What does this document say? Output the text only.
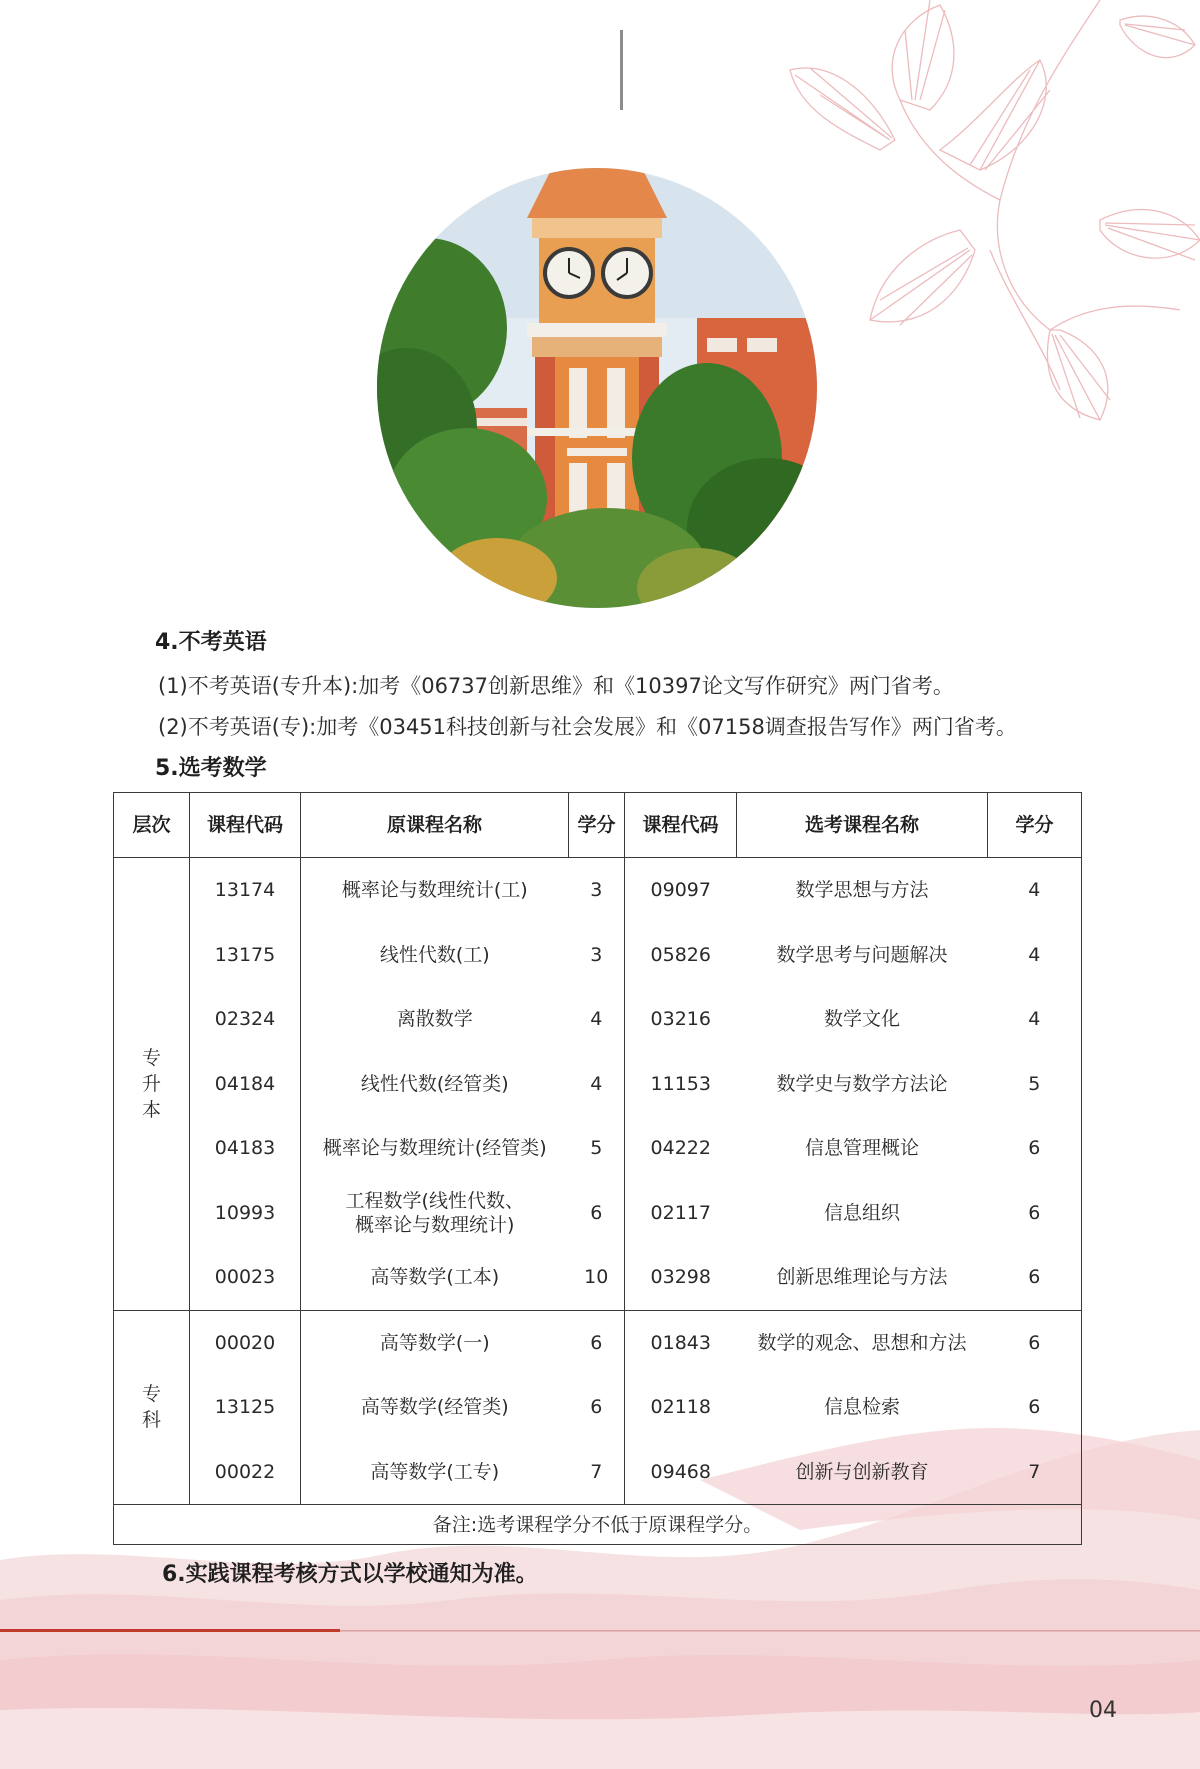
4.不考英语
(1)不考英语(专升本):加考《06737创新思维》和《10397论文写作研究》两门省考。
(2)不考英语(专):加考《03451科技创新与社会发展》和《07158调查报告写作》两门省考。
5.选考数学
层次	课程代码	原课程名称	学分	课程代码	选考课程名称	学分
专升本	13174	概率论与数理统计(工)	3	09097	数学思想与方法	4
	13175	线性代数(工)	3	05826	数学思考与问题解决	4
	02324	离散数学	4	03216	数学文化	4
	04184	线性代数(经管类)	4	11153	数学史与数学方法论	5
	04183	概率论与数理统计(经管类)	5	04222	信息管理概论	6
	10993	工程数学(线性代数、
概率论与数理统计)	6	02117	信息组织	6
	00023	高等数学(工本)	10	03298	创新思维理论与方法	6
专科	00020	高等数学(一)	6	01843	数学的观念、思想和方法	6
	13125	高等数学(经管类)	6	02118	信息检索	6
	00022	高等数学(工专)	7	09468	创新与创新教育	7
备注:选考课程学分不低于原课程学分。						
6.实践课程考核方式以学校通知为准。
04
